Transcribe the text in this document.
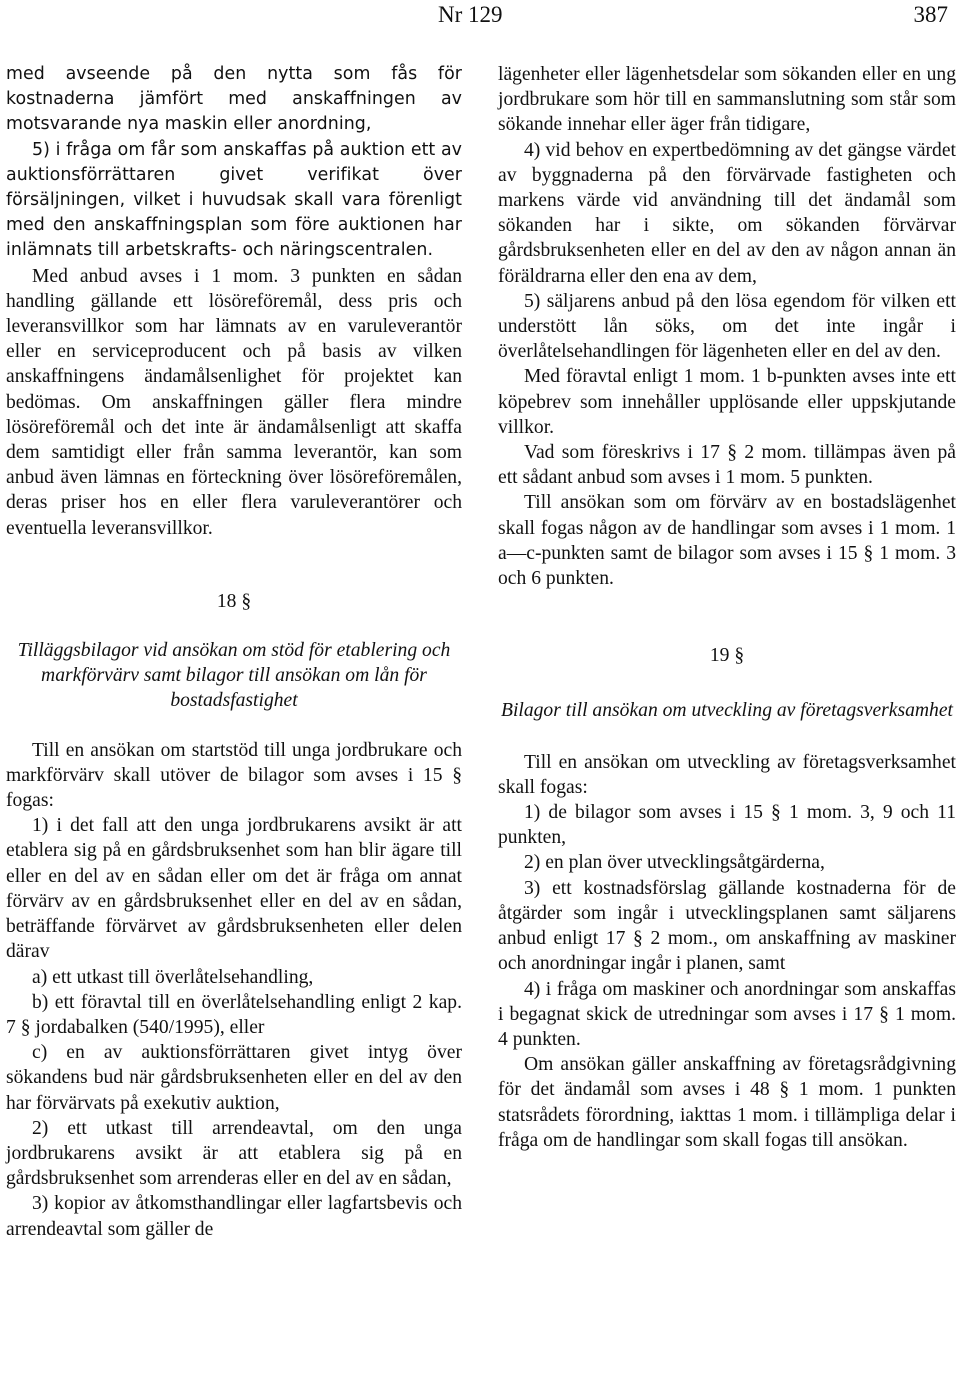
Nr 129	387

med avseende på den nytta som fås för kostnaderna jämfört med anskaffningen av motsvarande nya maskin eller anordning,

5) i fråga om får som anskaffas på auktion ett av auktionsförrättaren givet verifikat över försäljningen, vilket i huvudsak skall vara förenligt med den anskaffningsplan som före auktionen har inlämnats till arbetskrafts- och näringscentralen.

Med anbud avses i 1 mom. 3 punkten en sådan handling gällande ett lösöreföremål, dess pris och leveransvillkor som har lämnats av en varuleverantör eller en serviceproducent och på basis av vilken anskaffningens ändamålsenlighet för projektet kan bedömas. Om anskaffningen gäller flera mindre lösöreföremål och det inte är ändamålsenligt att skaffa dem samtidigt eller från samma leverantör, kan som anbud även lämnas en förteckning över lösöreföremålen, deras priser hos en eller flera varuleverantörer och eventuella leveransvillkor.

18 §

Tilläggsbilagor vid ansökan om stöd för etablering och markförvärv samt bilagor till ansökan om lån för bostadsfastighet

Till en ansökan om startstöd till unga jordbrukare och markförvärv skall utöver de bilagor som avses i 15 § fogas:

1) i det fall att den unga jordbrukarens avsikt är att etablera sig på en gårdsbruksenhet som han blir ägare till eller en del av en sådan eller om det är fråga om annat förvärv av en gårdsbruksenhet eller en del av en sådan, beträffande förvärvet av gårdsbruksenheten eller delen därav

a) ett utkast till överlåtelsehandling,

b) ett föravtal till en överlåtelsehandling enligt 2 kap. 7 § jordabalken (540/1995), eller

c) en av auktionsförrättaren givet intyg över sökandens bud när gårdsbruksenheten eller en del av den har förvärvats på exekutiv auktion,

2) ett utkast till arrendeavtal, om den unga jordbrukarens avsikt är att etablera sig på en gårdsbruksenhet som arrenderas eller en del av en sådan,

3) kopior av åtkomsthandlingar eller lagfartsbevis och arrendeavtal som gäller de

lägenheter eller lägenhetsdelar som sökanden eller en ung jordbrukare som hör till en sammanslutning som står som sökande innehar eller äger från tidigare,

4) vid behov en expertbedömning av det gängse värdet av byggnaderna på den förvärvade fastigheten och markens värde vid användning till det ändamål som sökanden har i sikte, om sökanden förvärvar gårdsbruksenheten eller en del av den av någon annan än föräldrarna eller den ena av dem,

5) säljarens anbud på den lösa egendom för vilken ett understött lån söks, om det inte ingår i överlåtelsehandlingen för lägenheten eller en del av den.

Med föravtal enligt 1 mom. 1 b-punkten avses inte ett köpebrev som innehåller upplösande eller uppskjutande villkor.

Vad som föreskrivs i 17 § 2 mom. tillämpas även på ett sådant anbud som avses i 1 mom. 5 punkten.

Till ansökan som om förvärv av en bostadslägenhet skall fogas någon av de handlingar som avses i 1 mom. 1 a—c-punkten samt de bilagor som avses i 15 § 1 mom. 3 och 6 punkten.

19 §

Bilagor till ansökan om utveckling av företagsverksamhet

Till en ansökan om utveckling av företagsverksamhet skall fogas:

1) de bilagor som avses i 15 § 1 mom. 3, 9 och 11 punkten,

2) en plan över utvecklingsåtgärderna,

3) ett kostnadsförslag gällande kostnaderna för de åtgärder som ingår i utvecklingsplanen samt säljarens anbud enligt 17 § 2 mom., om anskaffning av maskiner och anordningar ingår i planen, samt

4) i fråga om maskiner och anordningar som anskaffas i begagnat skick de utredningar som avses i 17 § 1 mom. 4 punkten.

Om ansökan gäller anskaffning av företagsrådgivning för det ändamål som avses i 48 § 1 mom. 1 punkten statsrådets förordning, iakttas 1 mom. i tillämpliga delar i fråga om de handlingar som skall fogas till ansökan.
